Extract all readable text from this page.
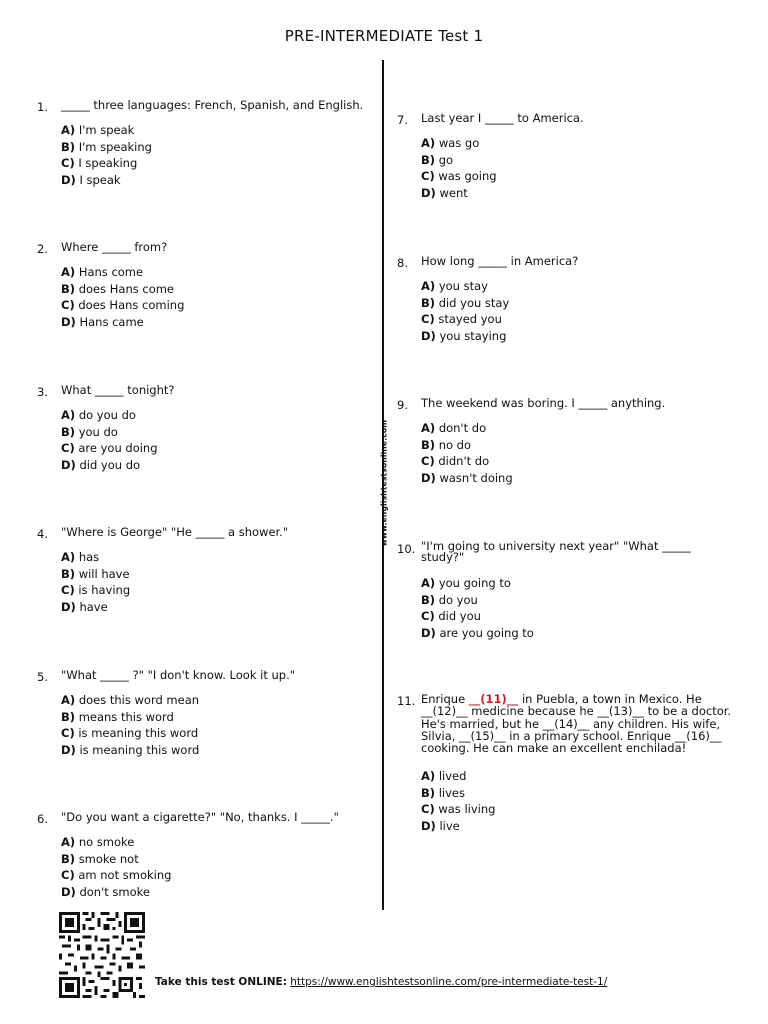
PRE-INTERMEDIATE Test 1
www.englishtestsonline.com
1. _____ three languages: French, Spanish, and English.
A) I'm speak
B) I'm speaking
C) I speaking
D) I speak
2. Where _____ from?
A) Hans come
B) does Hans come
C) does Hans coming
D) Hans came
3. What _____ tonight?
A) do you do
B) you do
C) are you doing
D) did you do
4. "Where is George" "He _____ a shower."
A) has
B) will have
C) is having
D) have
5. "What _____ ?" "I don't know. Look it up."
A) does this word mean
B) means this word
C) is meaning this word
D) is meaning this word
6. "Do you want a cigarette?" "No, thanks. I _____."
A) no smoke
B) smoke not
C) am not smoking
D) don't smoke
7. Last year I _____ to America.
A) was go
B) go
C) was going
D) went
8. How long _____ in America?
A) you stay
B) did you stay
C) stayed you
D) you staying
9. The weekend was boring. I _____ anything.
A) don't do
B) no do
C) didn't do
D) wasn't doing
10. "I'm going to university next year" "What _____
study?"
A) you going to
B) do you
C) did you
D) are you going to
11. Enrique __(11)__ in Puebla, a town in Mexico. He __(12)__ medicine because he __(13)__ to be a doctor. He's married, but he __(14)__ any children. His wife, Silvia, __(15)__ in a primary school. Enrique __(16)__ cooking. He can make an excellent enchilada!
A) lived
B) lives
C) was living
D) live
Take this test ONLINE: https://www.englishtestsonline.com/pre-intermediate-test-1/
